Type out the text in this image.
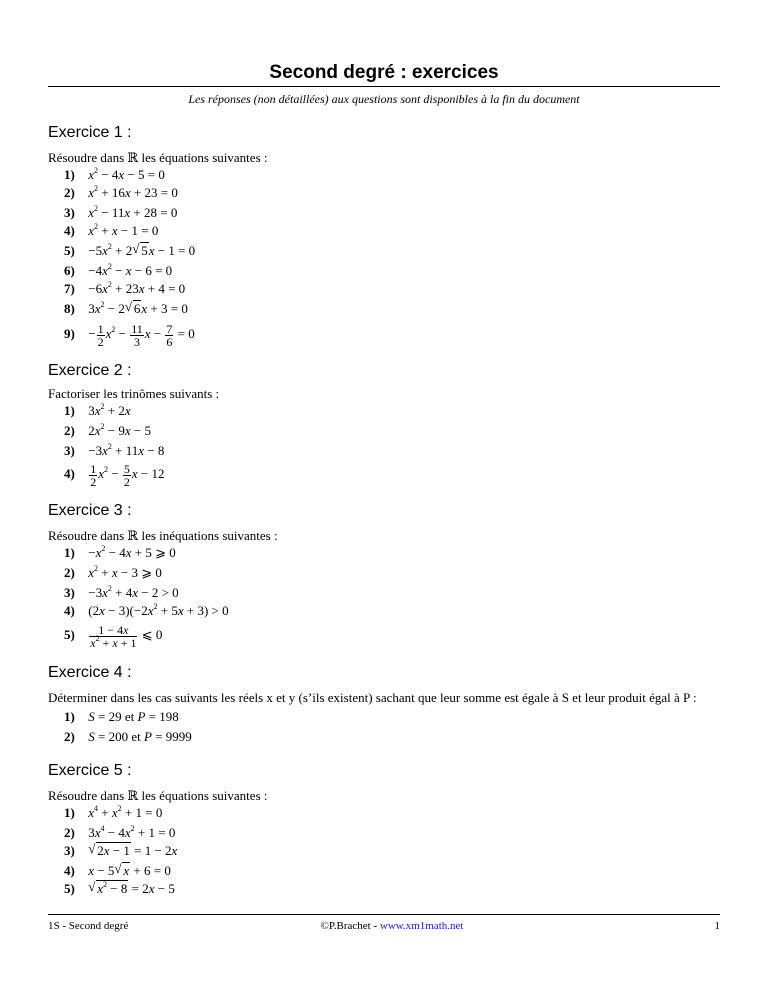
Second degré : exercices
Les réponses (non détaillées) aux questions sont disponibles à la fin du document
Exercice 1 :
Résoudre dans ℝ les équations suivantes :
1) $x^2 - 4x - 5 = 0$
2) $x^2 + 16x + 23 = 0$
3) $x^2 - 11x + 28 = 0$
4) $x^2 + x - 1 = 0$
$5) -5x^2 + 2$ √ 5x − 1 = 0
$6) -4x^2 - x - 6 = 0$
$7) -6x^2 + 23x + 4 = 0$
8) $3x^2 - 2$ √ 6x + 3 = 0
$9) - \frac{1}{2} x^2 - \frac{11}{3}$ $x - \frac{7}{6} = 0$
Exercice 2 :
Factoriser les trinômes suivants :
1) $3x^2 + 2x$
2) $2x^2 - 9x - 5$
$3) -3x^2 + 11x - 8$
$4) \frac{1}{2} x^2 - \frac{5}{2}$ x − 12
Exercice 3 :
Résoudre dans ℝ les inéquations suivantes :
$1) -x^2 - 4x + 5$ ⩾ 0
2) $x^2 + x - 3$ ⩾ 0
$3) -3x^2 + 4x - 2 > 0$
4) $(2x - 3)(-2x^2 + 5x + 3) > 0$
$5) \frac{1 - 4x}{x^2 + x + 1}$ ⩽ 0
Exercice 4 :
Déterminer dans les cas suivants les réels x et y (s’ils existent) sachant que leur somme est égale à S et leur produit égal à P :
1) S = 29 et P = 198
2) S = 200 et P = 9999
Exercice 5 :
Résoudre dans ℝ les équations suivantes :
1) $x^4 + x^2 + 1 = 0$
2) $3x^4 - 4x^2 + 1 = 0$
3) √ 2x − 1 = 1 − 2x
4) x − 5 √ x + 6 = 0
5) √ $x^2 - 8 = 2x - 5$
1S - Second degré	©P.Brachet - www.xm1math.net	1
